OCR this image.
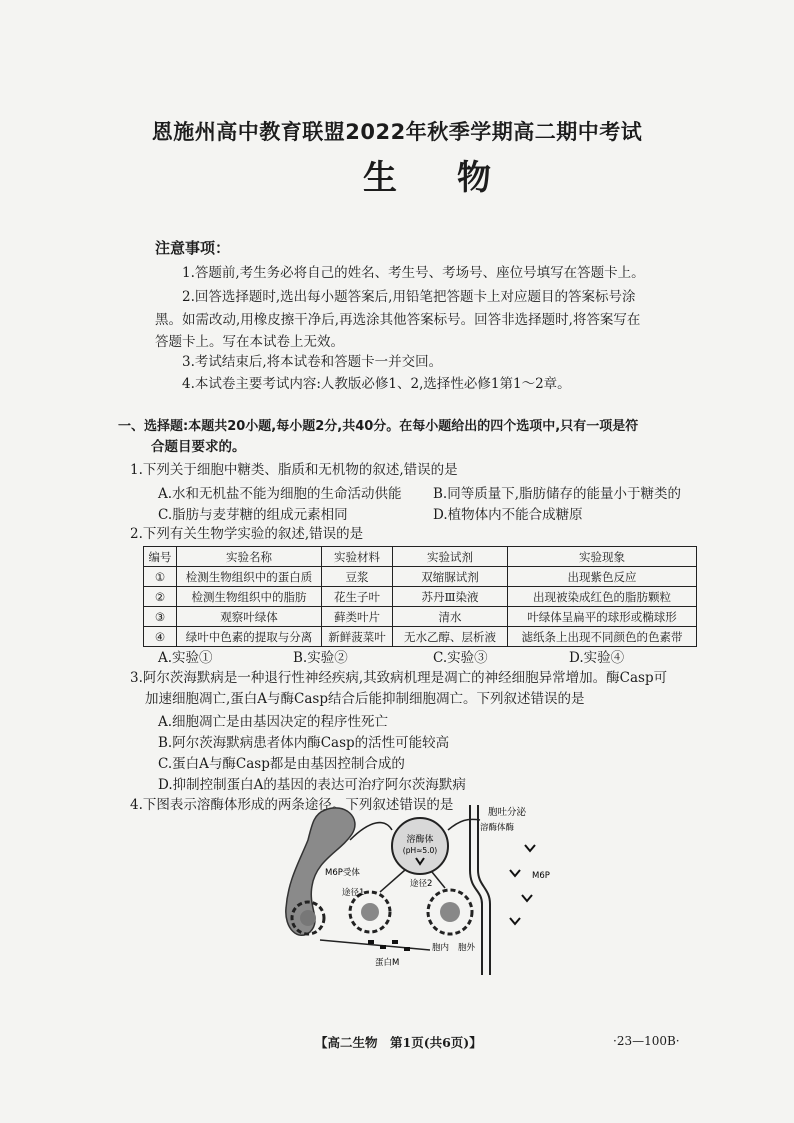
恩施州高中教育联盟2022年秋季学期高二期中考试
生物
注意事项：
1.答题前,考生务必将自己的姓名、考生号、考场号、座位号填写在答题卡上。
2.回答选择题时,选出每小题答案后,用铅笔把答题卡上对应题目的答案标号涂
黑。如需改动,用橡皮擦干净后,再选涂其他答案标号。回答非选择题时,将答案写在
答题卡上。写在本试卷上无效。
3.考试结束后,将本试卷和答题卡一并交回。
4.本试卷主要考试内容:人教版必修1、2,选择性必修1第1～2章。
一、选择题:本题共20小题,每小题2分,共40分。在每小题给出的四个选项中,只有一项是符
合题目要求的。
1.下列关于细胞中糖类、脂质和无机物的叙述,错误的是
A.水和无机盐不能为细胞的生命活动供能 B.同等质量下,脂肪储存的能量小于糖类的
C.脂肪与麦芽糖的组成元素相同	D.植物体内不能合成糖原
2.下列有关生物学实验的叙述,错误的是
编号	实验名称	实验材料	实验试剂	实验现象
①	检测生物组织中的蛋白质	豆浆	双缩脲试剂	出现紫色反应
②	检测生物组织中的脂肪	花生子叶	苏丹Ⅲ染液	出现被染成红色的脂肪颗粒
③	观察叶绿体	藓类叶片	清水	叶绿体呈扁平的球形或椭球形
④	绿叶中色素的提取与分离	新鲜菠菜叶	无水乙醇、层析液	滤纸条上出现不同颜色的色素带
A.实验①	B.实验②	C.实验③	D.实验④
3.阿尔茨海默病是一种退行性神经疾病,其致病机理是凋亡的神经细胞异常增加。酶Casp可
加速细胞凋亡,蛋白A与酶Casp结合后能抑制细胞凋亡。下列叙述错误的是
A.细胞凋亡是由基因决定的程序性死亡
B.阿尔茨海默病患者体内酶Casp的活性可能较高
C.蛋白A与酶Casp都是由基因控制合成的
D.抑制控制蛋白A的基因的表达可治疗阿尔茨海默病
4.下图表示溶酶体形成的两条途径。下列叙述错误的是
溶酶体
(pH≈5.0)
胞吐分泌
M6P受体
途径1
途径2
蛋白M
胞内 胞外
溶酶体酶
M6P
【高二生物　第1页(共6页)】	·23—100B·
